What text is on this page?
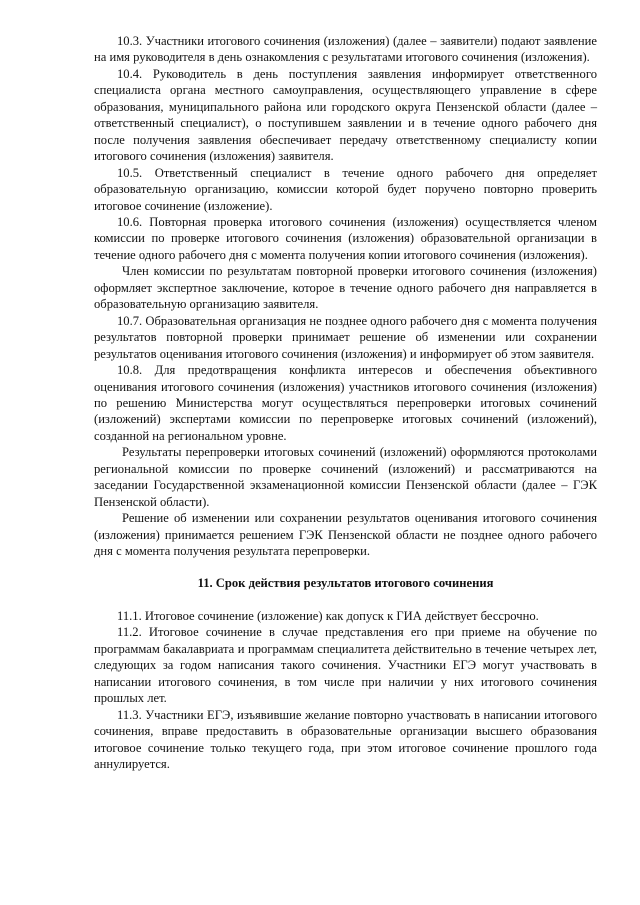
10.3. Участники итогового сочинения (изложения) (далее – заявители) подают заявление на имя руководителя в день ознакомления с результатами итогового сочинения (изложения).

10.4. Руководитель в день поступления заявления информирует ответственного специалиста органа местного самоуправления, осуществляющего управление в сфере образования, муниципального района или городского округа Пензенской области (далее – ответственный специалист), о поступившем заявлении и в течение одного рабочего дня после получения заявления обеспечивает передачу ответственному специалисту копии итогового сочинения (изложения) заявителя.

10.5. Ответственный специалист в течение одного рабочего дня определяет образовательную организацию, комиссии которой будет поручено повторно проверить итоговое сочинение (изложение).

10.6. Повторная проверка итогового сочинения (изложения) осуществляется членом комиссии по проверке итогового сочинения (изложения) образовательной организации в течение одного рабочего дня с момента получения копии итогового сочинения (изложения).

Член комиссии по результатам повторной проверки итогового сочинения (изложения) оформляет экспертное заключение, которое в течение одного рабочего дня направляется в образовательную организацию заявителя.

10.7. Образовательная организация не позднее одного рабочего дня с момента получения результатов повторной проверки принимает решение об изменении или сохранении результатов оценивания итогового сочинения (изложения) и информирует об этом заявителя.

10.8. Для предотвращения конфликта интересов и обеспечения объективного оценивания итогового сочинения (изложения) участников итогового сочинения (изложения) по решению Министерства могут осуществляться перепроверки итоговых сочинений (изложений) экспертами комиссии по перепроверке итоговых сочинений (изложений), созданной на региональном уровне.

Результаты перепроверки итоговых сочинений (изложений) оформляются протоколами региональной комиссии по проверке сочинений (изложений) и рассматриваются на заседании Государственной экзаменационной комиссии Пензенской области (далее – ГЭК Пензенской области).

Решение об изменении или сохранении результатов оценивания итогового сочинения (изложения) принимается решением ГЭК Пензенской области не позднее одного рабочего дня с момента получения результата перепроверки.

11. Срок действия результатов итогового сочинения

11.1. Итоговое сочинение (изложение) как допуск к ГИА действует бессрочно.

11.2. Итоговое сочинение в случае представления его при приеме на обучение по программам бакалавриата и программам специалитета действительно в течение четырех лет, следующих за годом написания такого сочинения. Участники ЕГЭ могут участвовать в написании итогового сочинения, в том числе при наличии у них итогового сочинения прошлых лет.

11.3. Участники ЕГЭ, изъявившие желание повторно участвовать в написании итогового сочинения, вправе предоставить в образовательные организации высшего образования итоговое сочинение только текущего года, при этом итоговое сочинение прошлого года аннулируется.
